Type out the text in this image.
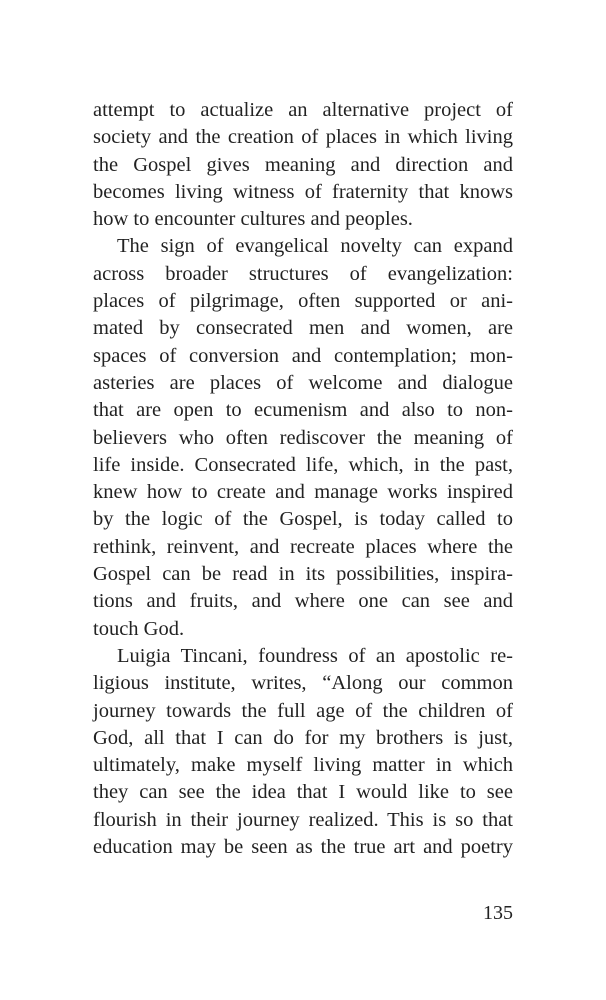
attempt to actualize an alternative project of
society and the creation of places in which living
the Gospel gives meaning and direction and
becomes living witness of fraternity that knows
how to encounter cultures and peoples.
The sign of evangelical novelty can expand
across broader structures of evangelization:
places of pilgrimage, often supported or ani-
mated by consecrated men and women, are
spaces of conversion and contemplation; mon-
asteries are places of welcome and dialogue
that are open to ecumenism and also to non-
believers who often rediscover the meaning of
life inside. Consecrated life, which, in the past,
knew how to create and manage works inspired
by the logic of the Gospel, is today called to
rethink, reinvent, and recreate places where the
Gospel can be read in its possibilities, inspira-
tions and fruits, and where one can see and
touch God.
Luigia Tincani, foundress of an apostolic re-
ligious institute, writes, “Along our common
journey towards the full age of the children of
God, all that I can do for my brothers is just,
ultimately, make myself living matter in which
they can see the idea that I would like to see
flourish in their journey realized. This is so that
education may be seen as the true art and poetry
135
